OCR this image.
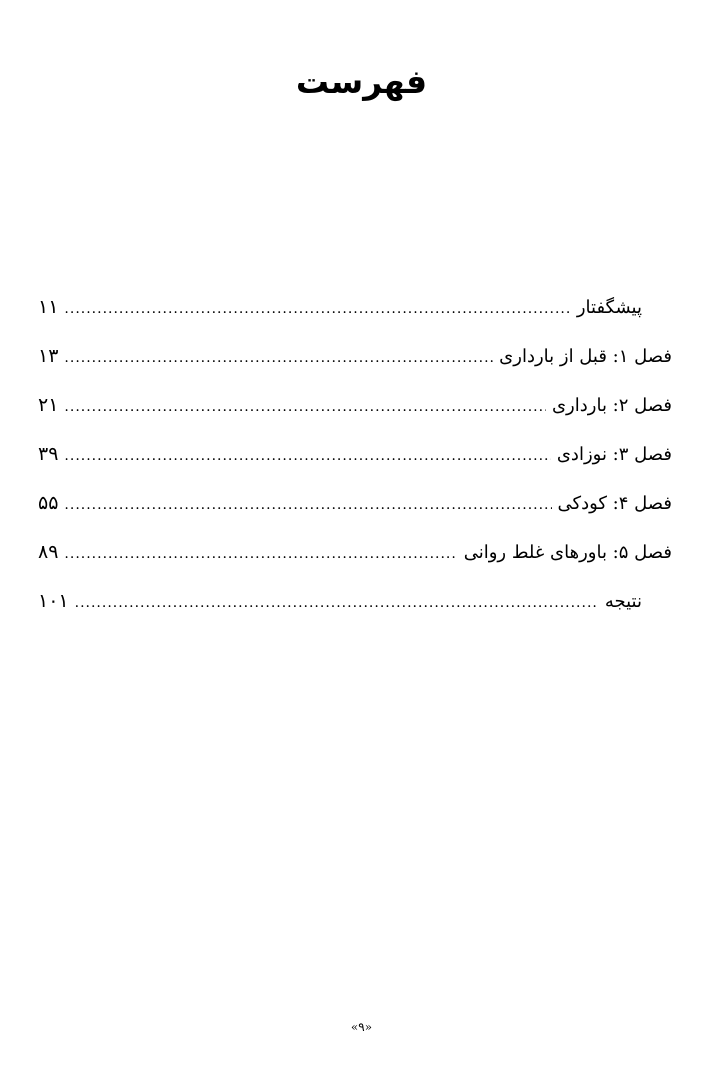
فهرست
پیشگفتار
.....
۱۱
فصل ۱: قبل از بارداری
.....
۱۳
فصل ۲: بارداری
.....
۲۱
فصل ۳: نوزادی
.....
۳۹
فصل ۴: کودکی
.....
۵۵
فصل ۵: باورهای غلط روانی
.....
۸۹
نتیجه
.....
۱۰۱
«۹»
